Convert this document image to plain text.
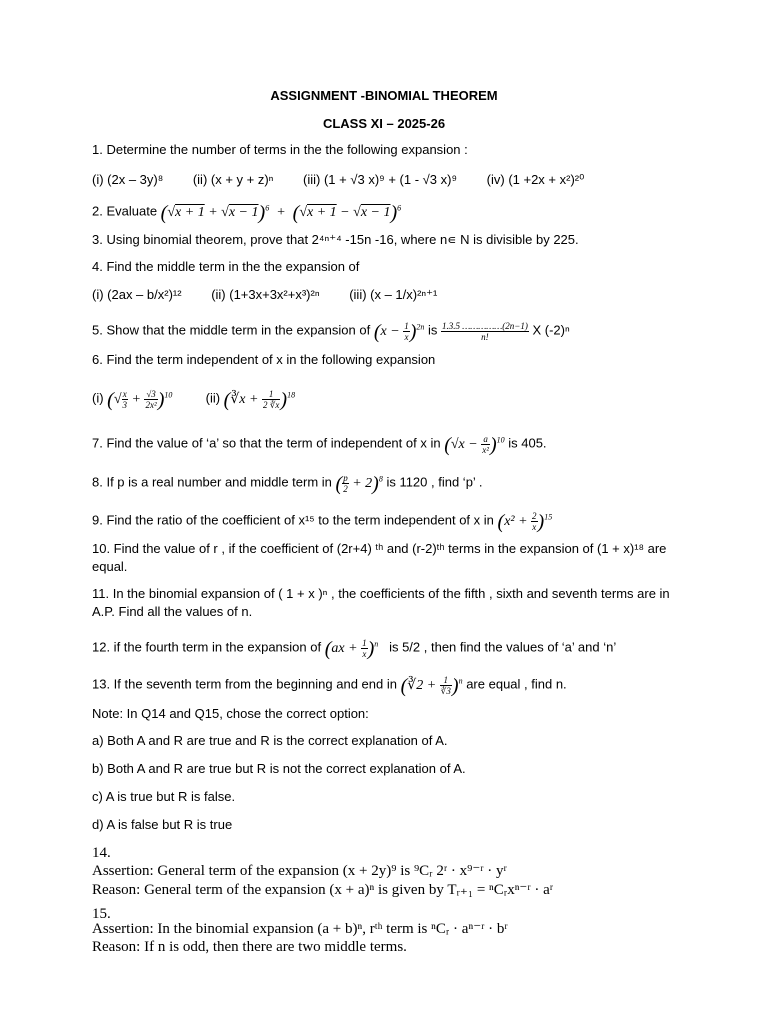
ASSIGNMENT -BINOMIAL THEOREM
CLASS XI – 2025-26
1. Determine the number of terms in the the following expansion :
(i) (2x – 3y)⁸ (ii) (x + y + z)ⁿ (iii) (1 + √3 x)⁹ + (1 - √3 x)⁹ (iv) (1 +2x + x²)²⁰
2. Evaluate $(√x + 1 + √x - 1)^6 + (√x + 1 - √x - 1)^6$
3. Using binomial theorem, prove that 2⁴ⁿ⁺⁴ -15n -16, where n∊ N is divisible by 225.
4. Find the middle term in the the expansion of
(i) (2ax – b/x²)¹² (ii) (1+3x+3x²+x³)²ⁿ (iii) (x – 1/x)²ⁿ⁺¹
5. Show that the middle term in the expansion of $(x - \frac{1}{x} )^{2n}$ is $\frac{1.3.5 \dots\dots\dots\dots\dots(2n-1)}{n!}$ X (-2)ⁿ
6. Find the term independent of x in the following expansion
(i) (√ $\frac{x}{3} + \frac{√3}{\text{2x²}} )^{10}$	(ii) (∛x + $\frac{1}{2 ∛x} )^{18}$
7. Find the value of ‘a’ so that the term of independent of x in $(√x - \frac{a}{\text{x²}} )^{10}$ is 405.
8. If p is a real number and middle term in ( $\frac{p}{2} + 2)^8$ is 1120 , find ‘p’ .
9. Find the ratio of the coefficient of x¹⁵ to the term independent of x in $(x^2 + \frac{2}{x} )^{15}$
10. Find the value of r , if the coefficient of (2r+4) ᵗʰ and (r-2)ᵗʰ terms in the expansion of (1 + x)¹⁸ are equal.
11. In the binomial expansion of ( 1 + x )ⁿ , the coefficients of the fifth , sixth and seventh terms are in A.P. Find all the values of n.
12. if the fourth term in the expansion of $(ax + \frac{1}{x} )^n$ is 5/2 , then find the values of ‘a’ and ‘n’
13. If the seventh term from the beginning and end in (∛2 + $\frac{1}{∛3} )^n$ are equal , find n.
Note: In Q14 and Q15, chose the correct option:
a) Both A and R are true and R is the correct explanation of A.
b) Both A and R are true but R is not the correct explanation of A.
c) A is true but R is false.
d) A is false but R is true
14.
Assertion: General term of the expansion (x + 2y)⁹ is ⁹Cᵣ 2ʳ · x⁹⁻ʳ · yʳ
Reason: General term of the expansion (x + a)ⁿ is given by Tᵣ₊₁ = ⁿCᵣxⁿ⁻ʳ · aʳ
15.
Assertion: In the binomial expansion (a + b)ⁿ, rᵗʰ term is ⁿCᵣ · aⁿ⁻ʳ · bʳ
Reason: If n is odd, then there are two middle terms.
